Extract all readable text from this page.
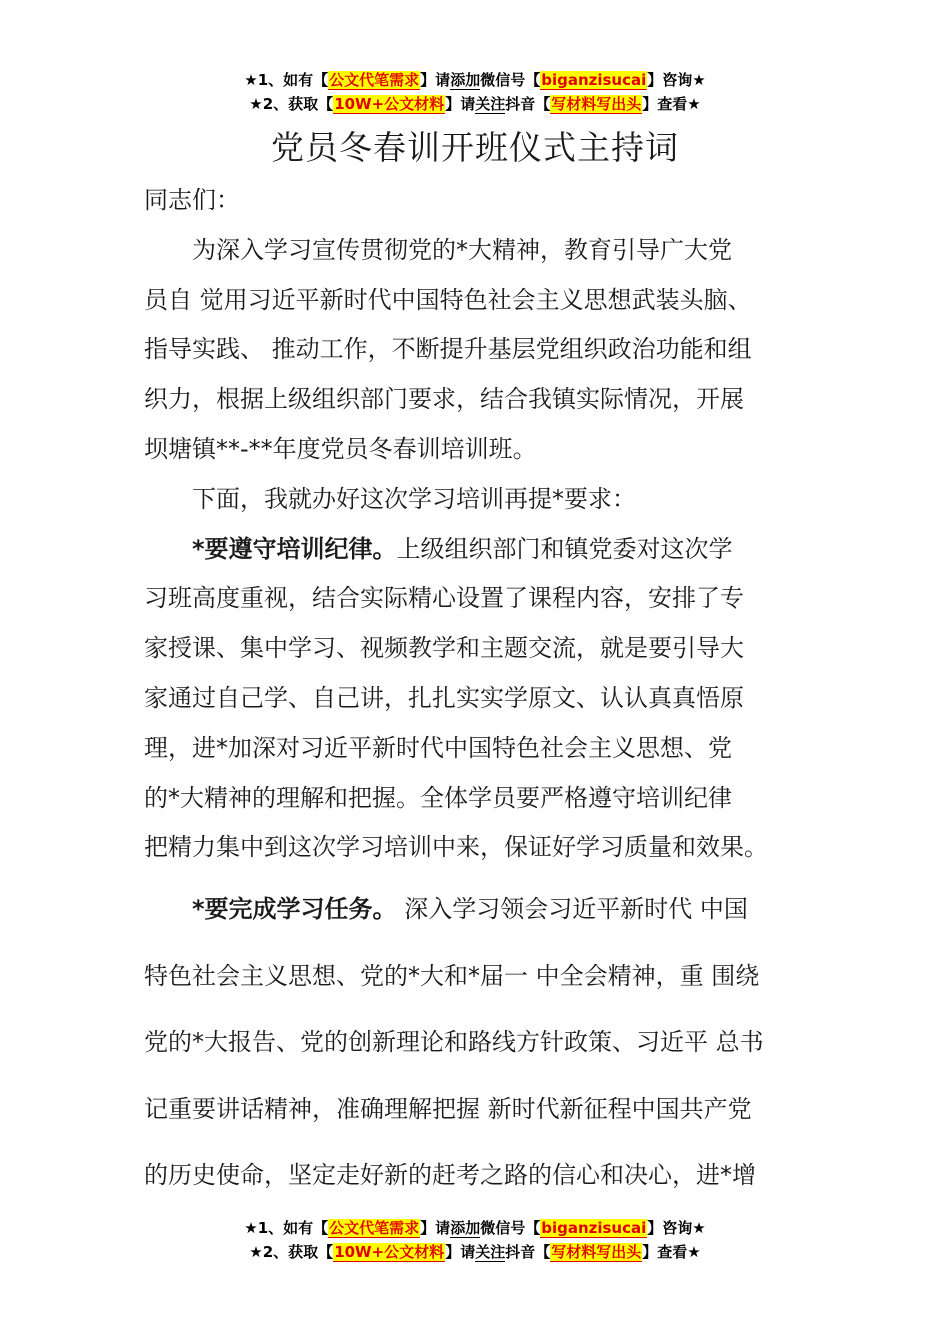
★1、如有【公文代笔需求】请添加微信号【biganzisucai】咨询★
★2、获取【10W+公文材料】请关注抖音【写材料写出头】查看★
党员冬春训开班仪式主持词

同志们：

为深入学习宣传贯彻党的*大精神，教育引导广大党
员自 觉用习近平新时代中国特色社会主义思想武装头脑、
指导实践、 推动工作，不断提升基层党组织政治功能和组
织力，根据上级组织部门要求，结合我镇实际情况，开展
坝塘镇**-**年度党员冬春训培训班。

下面，我就办好这次学习培训再提*要求：

*要遵守培训纪律。上级组织部门和镇党委对这次学
习班高度重视，结合实际精心设置了课程内容，安排了专
家授课、集中学习、视频教学和主题交流，就是要引导大
家通过自己学、自己讲，扎扎实实学原文、认认真真悟原
理，进*加深对习近平新时代中国特色社会主义思想、党
的*大精神的理解和把握。全体学员要严格遵守培训纪律
把精力集中到这次学习培训中来，保证好学习质量和效果。

*要完成学习任务。 深入学习领会习近平新时代 中国
特色社会主义思想、党的*大和*届一 中全会精神，重 围绕
党的*大报告、党的创新理论和路线方针政策、习近平 总书
记重要讲话精神，准确理解把握 新时代新征程中国共产党
的历史使命，坚定走好新的赶考之路的信心和决心，进*增

★1、如有【公文代笔需求】请添加微信号【biganzisucai】咨询★
★2、获取【10W+公文材料】请关注抖音【写材料写出头】查看★
